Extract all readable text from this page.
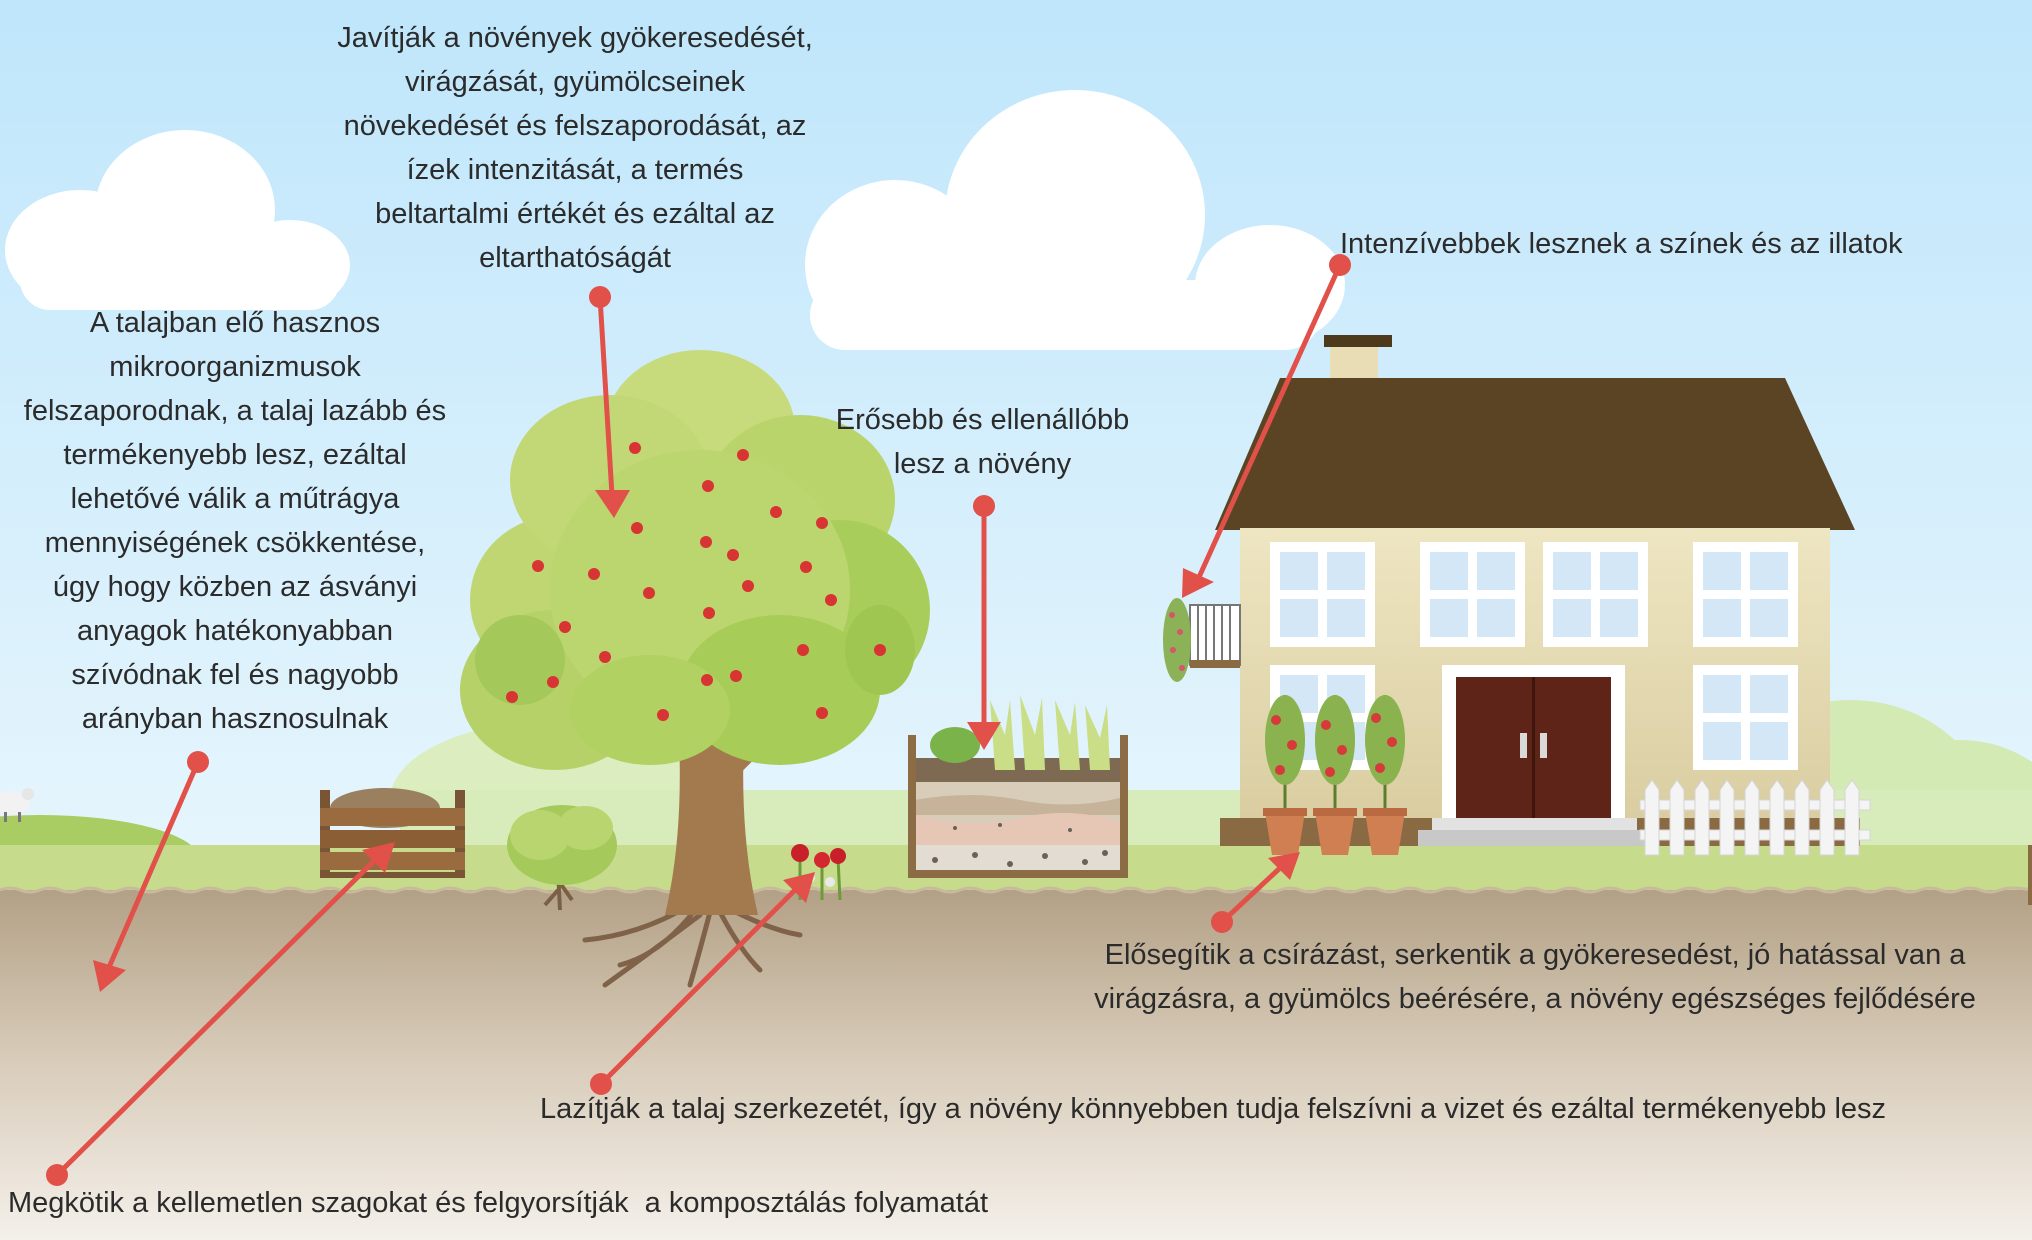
Javítják a növények gyökeresedését,
virágzását, gyümölcseinek
növekedését és felszaporodását, az
ízek intenzitását, a termés
beltartalmi értékét és ezáltal az
eltarthatóságát
A talajban elő hasznos
mikroorganizmusok
felszaporodnak, a talaj lazább és
termékenyebb lesz, ezáltal
lehetővé válik a műtrágya
mennyiségének csökkentése,
úgy hogy közben az ásványi
anyagok hatékonyabban
szívódnak fel és nagyobb
arányban hasznosulnak
Erősebb és ellenállóbb
lesz a növény
Intenzívebbek lesznek a színek és az illatok
Elősegítik a csírázást, serkentik a gyökeresedést, jó hatással van a
virágzásra, a gyümölcs beérésére, a növény egészséges fejlődésére
Lazítják a talaj szerkezetét, így a növény könnyebben tudja felszívni a vizet és ezáltal termékenyebb lesz
Megkötik a kellemetlen szagokat és felgyorsítják  a komposztálás folyamatát
